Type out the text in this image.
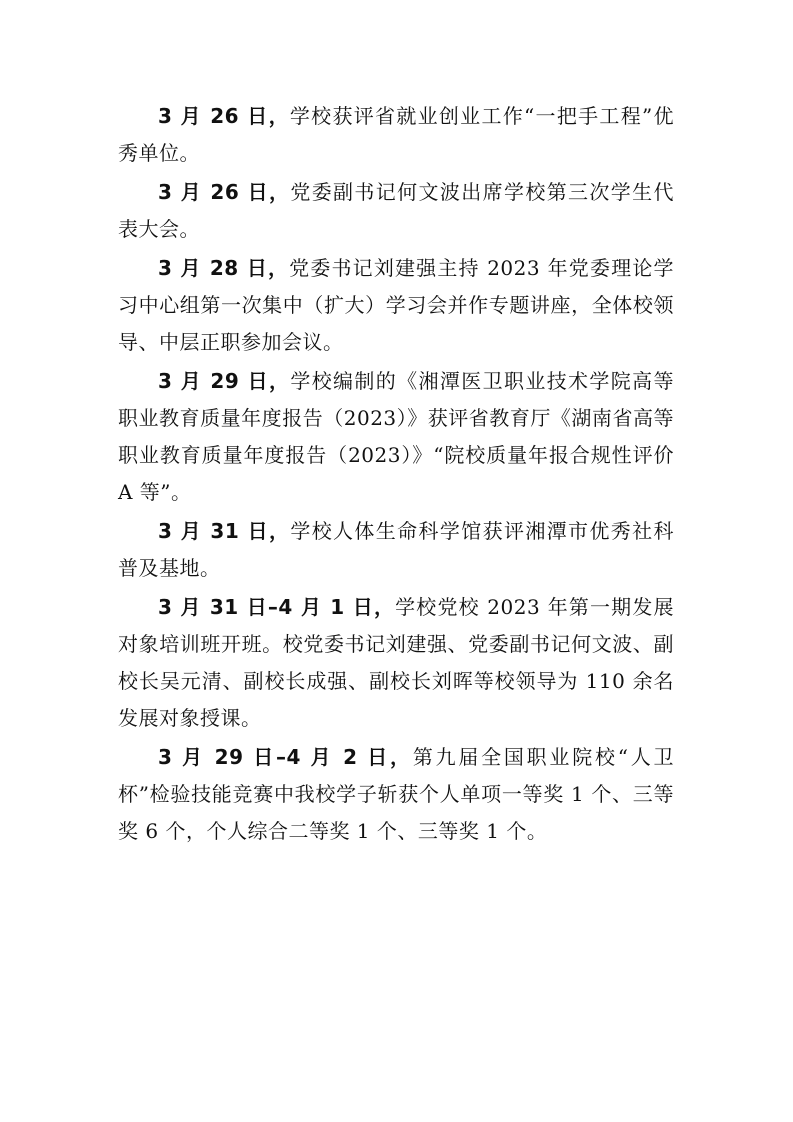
3 月 26 日，学校获评省就业创业工作“一把手工程”优秀单位。

3 月 26 日，党委副书记何文波出席学校第三次学生代表大会。

3 月 28 日，党委书记刘建强主持 2023 年党委理论学习中心组第一次集中（扩大）学习会并作专题讲座，全体校领导、中层正职参加会议。

3 月 29 日，学校编制的《湘潭医卫职业技术学院高等职业教育质量年度报告（2023）》获评省教育厅《湖南省高等职业教育质量年度报告（2023）》“院校质量年报合规性评价 A 等”。

3 月 31 日，学校人体生命科学馆获评湘潭市优秀社科普及基地。

3 月 31 日–4 月 1 日，学校党校 2023 年第一期发展对象培训班开班。校党委书记刘建强、党委副书记何文波、副校长吴元清、副校长成强、副校长刘晖等校领导为 110 余名发展对象授课。

3 月 29 日–4 月 2 日，第九届全国职业院校“人卫杯”检验技能竞赛中我校学子斩获个人单项一等奖 1 个、三等奖 6 个，个人综合二等奖 1 个、三等奖 1 个。
